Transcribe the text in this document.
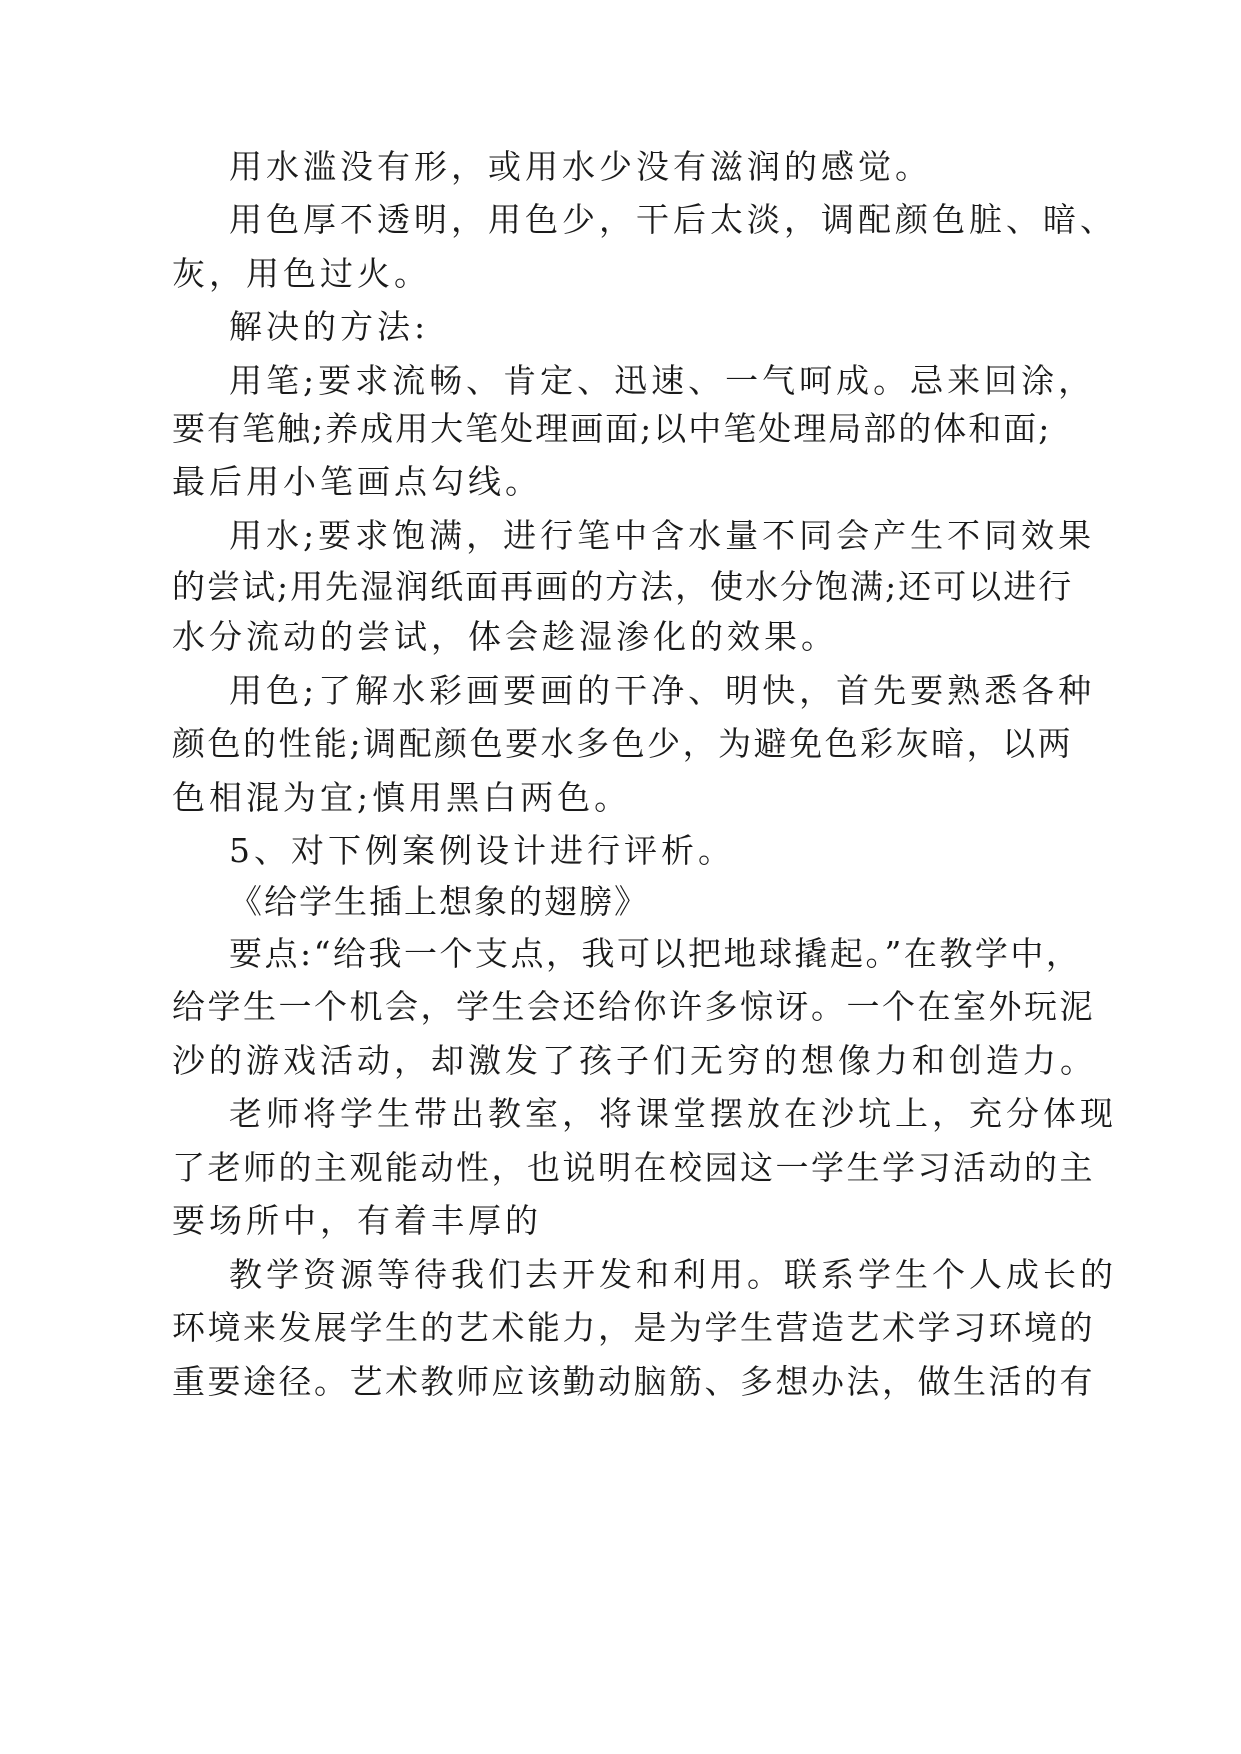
用水滥没有形，或用水少没有滋润的感觉。
用色厚不透明，用色少，干后太淡，调配颜色脏、暗、
灰，用色过火。
解决的方法:
用笔;要求流畅、肯定、迅速、一气呵成。忌来回涂，
要有笔触;养成用大笔处理画面;以中笔处理局部的体和面;
最后用小笔画点勾线。
用水;要求饱满，进行笔中含水量不同会产生不同效果
的尝试;用先湿润纸面再画的方法，使水分饱满;还可以进行
水分流动的尝试，体会趁湿渗化的效果。
用色;了解水彩画要画的干净、明快，首先要熟悉各种
颜色的性能;调配颜色要水多色少，为避免色彩灰暗，以两
色相混为宜;慎用黑白两色。
5、对下例案例设计进行评析。
《给学生插上想象的翅膀》
要点:“给我一个支点，我可以把地球撬起。”在教学中，
给学生一个机会，学生会还给你许多惊讶。一个在室外玩泥
沙的游戏活动，却激发了孩子们无穷的想像力和创造力。
老师将学生带出教室，将课堂摆放在沙坑上，充分体现
了老师的主观能动性，也说明在校园这一学生学习活动的主
要场所中，有着丰厚的
教学资源等待我们去开发和利用。联系学生个人成长的
环境来发展学生的艺术能力，是为学生营造艺术学习环境的
重要途径。艺术教师应该勤动脑筋、多想办法，做生活的有
